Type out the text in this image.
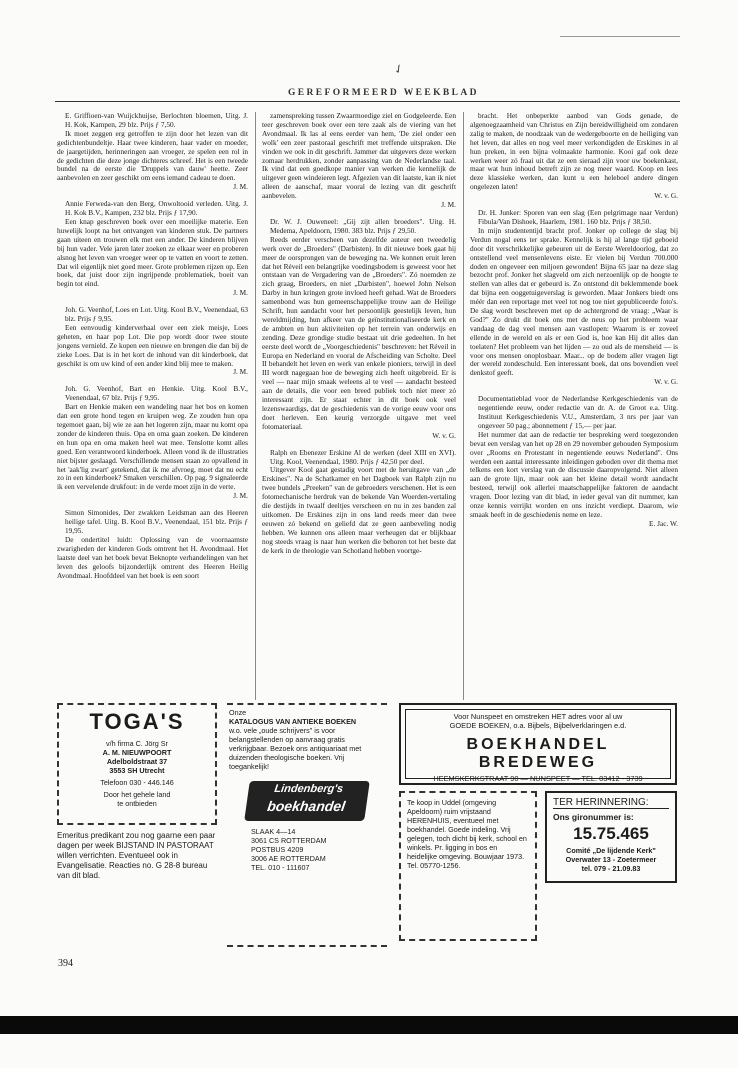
✓
GEREFORMEERD WEEKBLAD
E. Griffioen-van Wuijckhuijse, Berlochten bloemen, Uitg. J. H. Kok, Kampen, 29 blz. Prijs ƒ 7,50.
Ik moet zeggen erg getroffen te zijn door het lezen van dit gedichtenbundeltje. Haar twee kinderen, haar vader en moeder, de jaargetijden, herinneringen aan vroeger, ze spelen een rol in de gedichten die deze jonge dichteres schreef. Het is een tweede bundel na de eerste die 'Druppels van dauw' heette. Zeer aanbevolen en zeer geschikt om eens iemand cadeau te doen.
J. M.
Annie Ferweda-van den Berg, Onwoltooid verleden. Uitg. J. H. Kok B.V., Kampen, 232 blz. Prijs ƒ 17,90.
Een knap geschreven boek over een moeilijke materie. Een huwelijk loopt na het ontvangen van kinderen stuk. De partners gaan uiteen en trouwen elk met een ander. De kinderen blijven bij hun vader. Vele jaren later zoeken ze elkaar weer en proberen alsnog het leven van vroeger weer op te vatten en voort te zetten. Dat wil eigenlijk niet goed meer. Grote problemen rijzen op. Een boek, dat juist door zijn ingrijpende problematiek, boeit van begin tot eind.
J. M.
Joh. G. Veenhof, Loes en Lot. Uitg. Kool B.V., Veenendaal, 63 blz. Prijs ƒ 9,95.
Een eenvoudig kinderverhaal over een ziek meisje, Loes geheten, en haar pop Lot. Die pop wordt door twee stoute jongens vernield. Ze kopen een nieuwe en brengen die dan bij de zieke Loes. Dat is in het kort de inhoud van dit kinderboek, dat geschikt is om uw kind of een ander kind blij mee te maken.
J. M.
Joh. G. Veenhof, Bart en Henkie. Uitg. Kool B.V., Veenendaal, 67 blz. Prijs ƒ 9,95.
Bart en Henkie maken een wandeling naar het bos en komen dan een grote hond tegen en kruipen weg. Ze zouden hun opa tegemoet gaan, bij wie ze aan het logeren zijn, maar nu komt opa zonder de kinderen thuis. Opa en oma gaan zoeken. De kinderen en hun opa en oma maken heel wat mee. Tenslotte komt alles goed. Een verantwoord kinderboek. Alleen vond ik de illustraties niet bijster geslaagd. Verschillende mensen staan zo opvallend in het 'aak'lig zwart' getekend, dat ik me afvroeg, moet dat nu echt zo in een kinderboek? Smaken verschillen. Op pag. 9 signaleerde ik een vervelende drukfout: in de verde moet zijn in de verte.
J. M.
Simon Simonides, Der zwakken Leidsman aan des Heeren heilige tafel. Uitg. B. Kool B.V., Veenendaal, 151 blz. Prijs ƒ 19,95.
De ondertitel luidt: Oplossing van de voornaamste zwarigheden der kinderen Gods omtrent het H. Avondmaal. Het laatste deel van het boek bevat Beknopte verhandelingen van het leven des geloofs bijzonderlijk omtrent des Heeren Heilig Avondmaal. Hoofddeel van het boek is een soort
zamenspreking tussen Zwaarmoedige ziel en Godgeleerde. Een teer geschreven boek over een tere zaak als de viering van het Avondmaal. Ik las al eens eerder van hem, 'De ziel onder een wolk' een zeer pastoraal geschrift met treffende uitspraken. Die vinden we ook in dit geschrift. Jammer dat uitgevers deze werken zomaar herdrukken, zonder aanpassing van de Nederlandse taal. Ik vind dat een goedkope manier van werken die kennelijk de uitgever geen windeieren legt. Afgezien van dit laatste, kan ik niet alleen de aanschaf, maar vooral de lezing van dit geschrift aanbevelen.
J. M.
Dr. W. J. Ouweneel: „Gij zijt allen broeders". Uitg. H. Medema, Apeldoorn, 1980. 383 blz. Prijs ƒ 29,50.
Reeds eerder verscheen van dezelfde auteur een tweedelig werk over de „Broeders" (Darbisten). In dit nieuwe boek gaat hij meer de oorsprongen van de beweging na. We konnen eruit leren dat het Réveil een belangrijke voedingsbodem is geweest voor het ontstaan van de Vergadering van de „Broeders". Zó noemden ze zich graag, Broeders, en niet „Darbisten", hoewel John Nelson Darby in hun kringen grote invloed heeft gehad. Wat de Broeders samenbond was hun gemeenschappelijke trouw aan de Heilige Schrift, hun aandacht voor het persoonlijk geestelijk leven, hun wereldmijding, hun afkeer van de geïnstitutionaliseerde kerk en de ambten en hun aktiviteiten op het terrein van onderwijs en zending. Deze grondige studie bestaat uit drie gedeelten. In het eerste deel wordt de „Voorgeschiedenis" beschreven: het Réveil in Europa en Nederland en vooral de Afscheiding van Scholte. Deel II behandelt het leven en werk van enkele pioniers, terwijl in deel III wordt nagegaan hoe de beweging zich heeft uitgebreid. Er is veel — naar mijn smaak weleens al te veel — aandacht besteed aan de details, die voor een breed publiek toch niet meer zó interessant zijn. Er staat echter in dit boek ook veel lezenswaardigs, dat de geschiedenis van de vorige eeuw voor ons doet herleven. Een keurig verzorgde uitgave met veel fotomateriaal.
W. v. G.
Ralph en Ebenezer Erskine Al de werken (deel XIII en XVI). Uitg. Kool, Veenendaal, 1980. Prijs ƒ 42,50 per deel.
Uitgever Kool gaat gestadig voort met de heruitgave van „de Erskines". Na de Schatkamer en het Dagboek van Ralph zijn nu twee bundels „Preeken" van de gebroeders verschenen. Het is een fotomechanische herdruk van de bekende Van Woerden-vertaling die destijds in twaalf deeltjes verscheen en nu in zes banden zal uitkomen. De Erskines zijn in ons land reeds meer dan twee eeuwen zó bekend en geliefd dat ze geen aanbeveling nodig hebben. We kunnen ons alleen maar verheugen dat er blijkbaar nog steeds vraag is naar hun werken die behoren tot het beste dat de kerk in de theologie van Schotland hebben voortge-
bracht. Het onbeperkte aanbod van Gods genade, de algenoegzaamheid van Christus en Zijn bereidwilligheid om zondaren zalig te maken, de noodzaak van de wedergeboorte en de heiliging van het leven, dat alles en nog veel meer verkondigden de Erskines in al hun preken, in een bijna volmaakte harmonie. Kooi gaf ook deze werken weer zó fraai uit dat ze een sieraad zijn voor uw boekenkast, maar wat hun inhoud betreft zijn ze nog meer waard. Koop en lees deze klassieke werken, dan kunt u een heleboel andere dingen ongelezen laten!
W. v. G.
Dr. H. Junker: Sporen van een slag (Een pelgrimage naar Verdun) Fibula/Van Dishoek, Haarlem, 1981. 160 blz. Prijs ƒ 38,50.
In mijn studententijd bracht prof. Jonker op college de slag bij Verdun nogal eens ter sprake. Kennelijk is hij al lange tijd geboeid door dit verschrikkelijke gebeuren uit de Eerste Wereldoorlog, dat zo ontstellend veel mensenlevens eiste. Er vielen bij Verdun 700.000 doden en ongeveer een miljoen gewonden! Bijna 65 jaar na deze slag bezocht prof. Jonker het slagveld om zich nerzoenlijk op de hoogte te stellen van alles dat er gebeurd is. Zo ontstond dit beklemmende boek dat bijna een ooggetuigeverslag is geworden. Maar Jonkers biedt ons méér dan een reportage met veel tot nog toe niet gepubliceerde foto's. De slag wordt beschreven met op de achtergrond de vraag: „Waar is God?" Zo drukt dit boek ons met de neus op het probleem waar vandaag de dag veel mensen aan vastlopen: Waarom is er zoveel ellende in de wereld en als er een God is, hoe kan Hij dit alles dan toelaten? Het probleem van het lijden — zo oud als de mensheid — is voor ons mensen onoplosbaar. Maar... op de bodem aller vragen ligt der wereld zondeschuld. Een interessant boek, dat ons bovendien veel denkstof geeft.
W. v. G.
Documentatieblad voor de Nederlandse Kerkgeschiedenis van de negentiende eeuw, onder redactie van dr. A. de Groot e.a. Uitg. Instituut Kerkgeschiedenis V.U., Amsterdam, 3 nrs per jaar van ongeveer 50 pag.; abonnement ƒ 15,— per jaar.
Het nummer dat aan de redactie ter bespreking werd toegezonden bevat een verslag van het op 28 en 29 november gehouden Symposium over „Rooms en Protestant in negentiende eeuws Nederland". Ons werden een aantal interessante inleidingen geboden over dit thema met telkens een kort verslag van de discussie daaropvolgend. Niet alleen aan de grote lijn, maar ook aan het kleine detail wordt aandacht besteed, terwijl ook allerlei maatschappelijke faktoren de aandacht vragen. Door lezing van dit blad, in ieder geval van dit nummer, kan onze kennis verrijkt worden en ons inzicht verdiept. Daarom, wie smaak heeft in de geschiedenis neme en leze.
E. Jac. W.
TOGA'S
v/h firma C. Jörg Sr
A. M. NIEUWPOORT
Adelboldstraat 37
3553 SH Utrecht
Telefoon 030 - 446.146
Door het gehele land
te ontbieden
Emeritus predikant zou nog gaarne een paar dagen per week BIJSTAND IN PASTORAAT willen verrichten. Eventueel ook in Evangelisatie. Reacties no. G 28-8 bureau van dit blad.
Onze
KATALOGUS VAN ANTIEKE BOEKEN
w.o. vele „oude schrijvers" is voor belangstellenden op aanvraag gratis verkrijgbaar. Bezoek ons antiquariaat met duizenden theologische boeken. Vrij toegankelijk!
Lindenberg's
boekhandel
SLAAK 4—14
3061 CS ROTTERDAM
POSTBUS 4209
3006 AE ROTTERDAM
TEL. 010 - 111607
Voor Nunspeet en omstreken HET adres voor al uw
GOEDE BOEKEN, o.a. Bijbels, Bijbelverklaringen e.d.
BOEKHANDEL BREDEWEG
HEEMSKERKSTRAAT 90 — NUNSPEET — TEL. 03412 - 3739
Te koop in Uddel (omgeving Apeldoorn) ruim vrijstaand HERENHUIS, eventueel met boekhandel. Goede indeling. Vrij gelegen, toch dicht bij kerk, school en winkels. Pr. ligging in bos en heidelijke omgeving. Bouwjaar 1973. Tel. 05770-1256.
TER HERINNERING:
Ons gironummer is:
15.75.465
Comité „De lijdende Kerk"
Overwater 13 - Zoetermeer
tel. 079 - 21.09.83
394
